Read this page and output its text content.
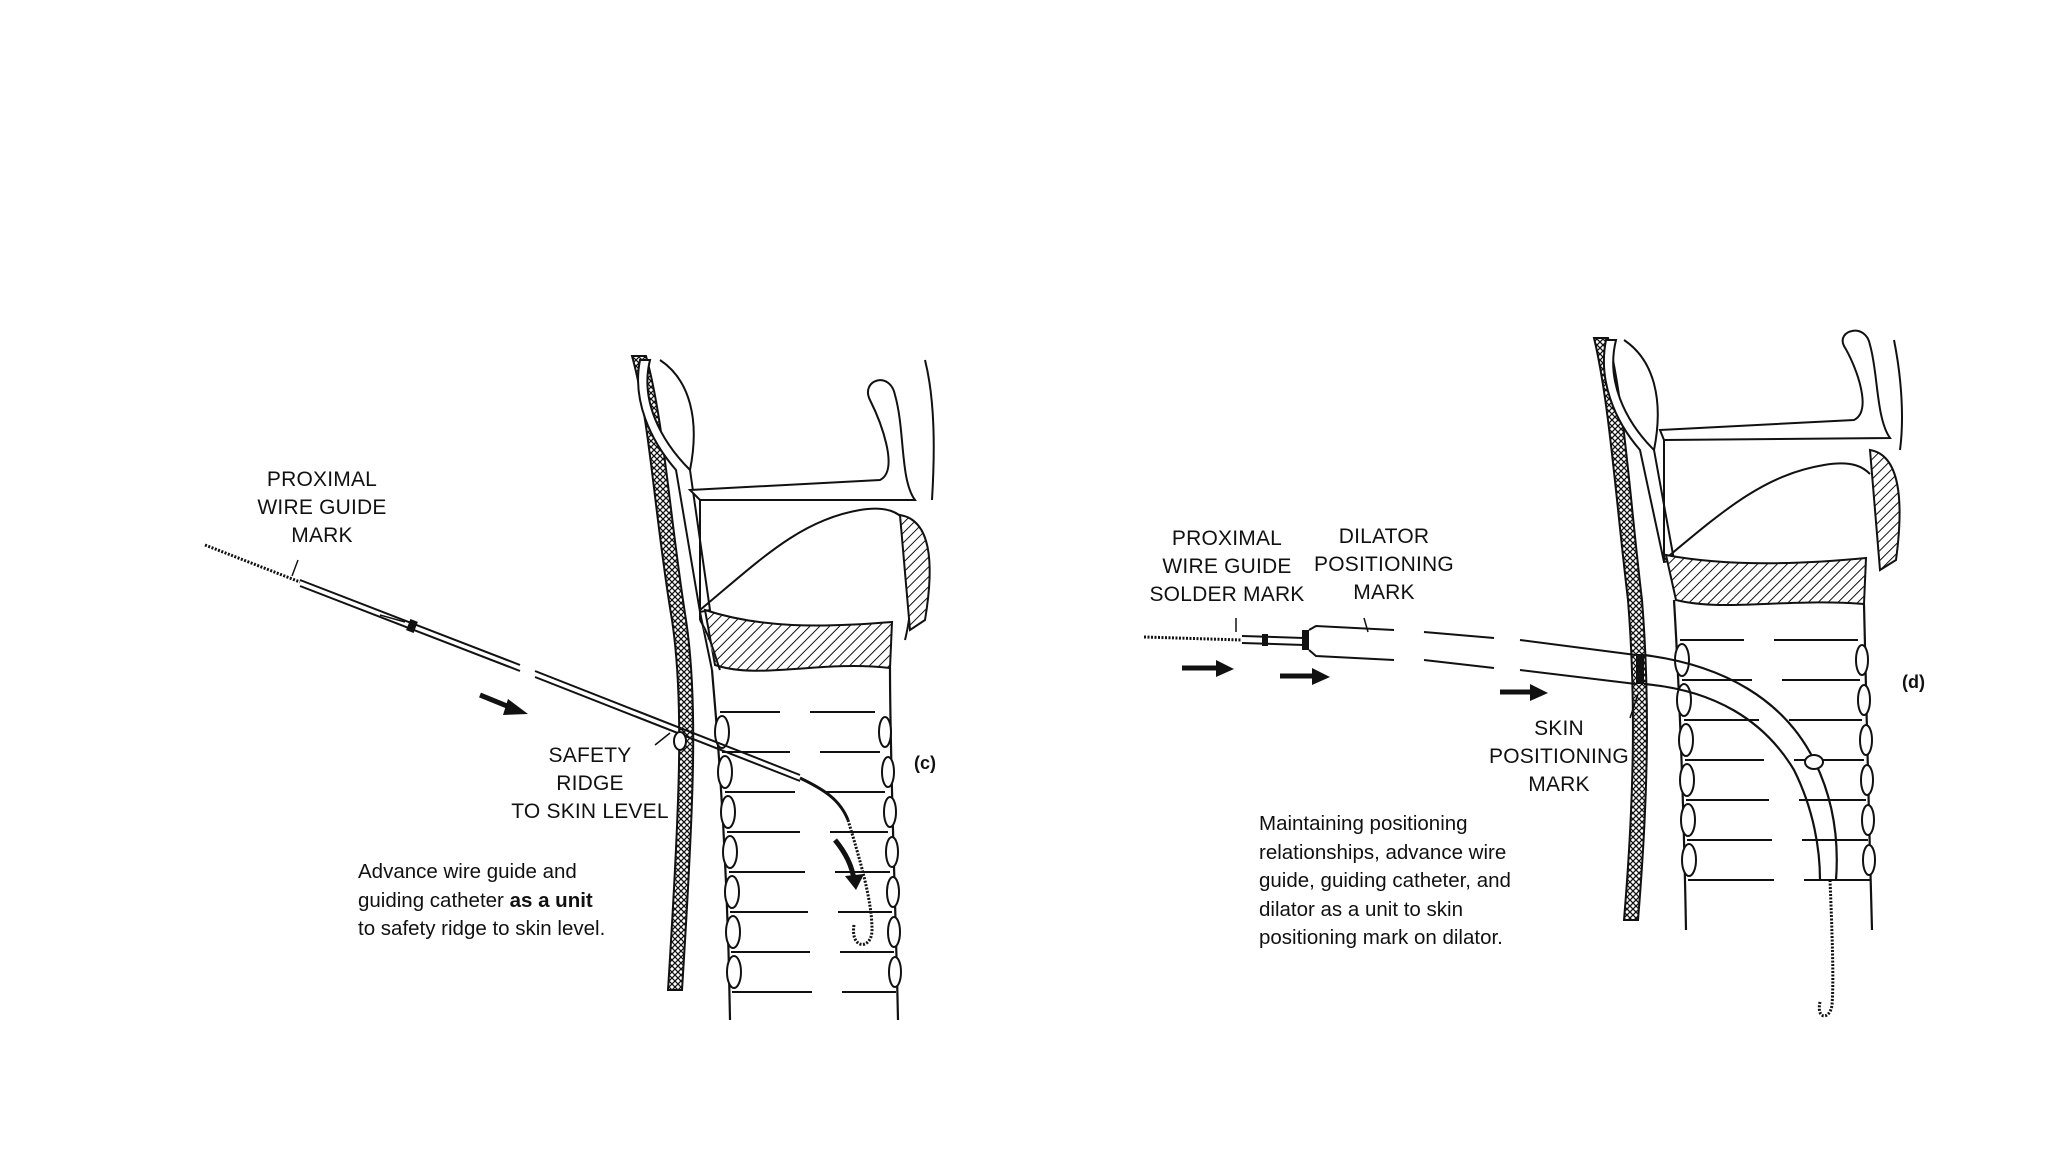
PROXIMAL
WIRE GUIDE
MARK
SAFETY
RIDGE
TO SKIN LEVEL
(c)
Advance wire guide and
guiding catheter as a unit
to safety ridge to skin level.
PROXIMAL
WIRE GUIDE
SOLDER MARK
DILATOR
POSITIONING
MARK
SKIN
POSITIONING
MARK
(d)
Maintaining positioning
relationships, advance wire
guide, guiding catheter, and
dilator as a unit to skin
positioning mark on dilator.
